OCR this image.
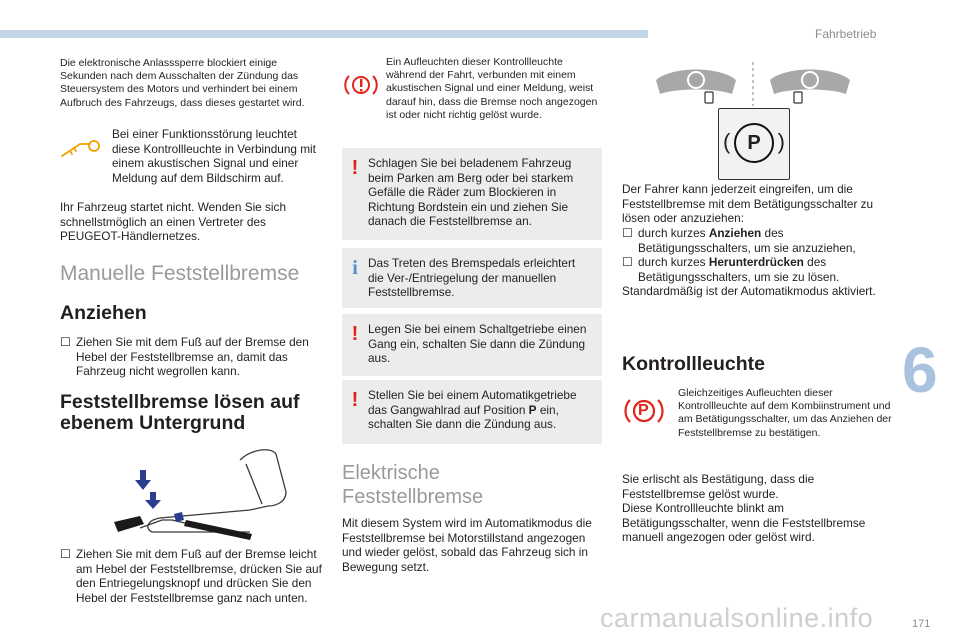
Fahrbetrieb
6
171
carmanualsonline.info
Die elektronische Anlasssperre blockiert einige Sekunden nach dem Ausschalten der Zündung das Steuersystem des Motors und verhindert bei einem Aufbruch des Fahrzeugs, dass dieses gestartet wird.
Bei einer Funktionsstörung leuchtet diese Kontrollleuchte in Verbindung mit einem akustischen Signal und einer Meldung auf dem Bildschirm auf.
Ihr Fahrzeug startet nicht. Wenden Sie sich schnellstmöglich an einen Vertreter des PEUGEOT-Händlernetzes.
Manuelle Feststellbremse
Anziehen
☐ Ziehen Sie mit dem Fuß auf der Bremse den Hebel der Feststellbremse an, damit das Fahrzeug nicht wegrollen kann.
Feststellbremse lösen auf ebenem Untergrund
☐ Ziehen Sie mit dem Fuß auf der Bremse leicht am Hebel der Feststellbremse, drücken Sie auf den Entriegelungsknopf und drücken Sie den Hebel der Feststellbremse ganz nach unten.
Ein Aufleuchten dieser Kontrollleuchte während der Fahrt, verbunden mit einem akustischen Signal und einer Meldung, weist darauf hin, dass die Bremse noch angezogen ist oder nicht richtig gelöst wurde.
! Schlagen Sie bei beladenem Fahrzeug beim Parken am Berg oder bei starkem Gefälle die Räder zum Blockieren in Richtung Bordstein ein und ziehen Sie danach die Feststellbremse an.
i Das Treten des Bremspedals erleichtert die Ver-/Entriegelung der manuellen Feststellbremse.
! Legen Sie bei einem Schaltgetriebe einen Gang ein, schalten Sie dann die Zündung aus.
! Stellen Sie bei einem Automatikgetriebe das Gangwahlrad auf Position P ein, schalten Sie dann die Zündung aus.
Elektrische Feststellbremse
Mit diesem System wird im Automatikmodus die Feststellbremse bei Motorstillstand angezogen und wieder gelöst, sobald das Fahrzeug sich in Bewegung setzt.
P
( )
Der Fahrer kann jederzeit eingreifen, um die Feststellbremse mit dem Betätigungsschalter zu lösen oder anzuziehen:
☐ durch kurzes Anziehen des Betätigungsschalters, um sie anzuziehen,
☐ durch kurzes Herunterdrücken des Betätigungsschalters, um sie zu lösen.
Standardmäßig ist der Automatikmodus aktiviert.
Kontrollleuchte
P
Gleichzeitiges Aufleuchten dieser Kontrollleuchte auf dem Kombiinstrument und am Betätigungsschalter, um das Anziehen der Feststellbremse zu bestätigen.
Sie erlischt als Bestätigung, dass die Feststellbremse gelöst wurde.
Diese Kontrollleuchte blinkt am Betätigungsschalter, wenn die Feststellbremse manuell angezogen oder gelöst wird.
